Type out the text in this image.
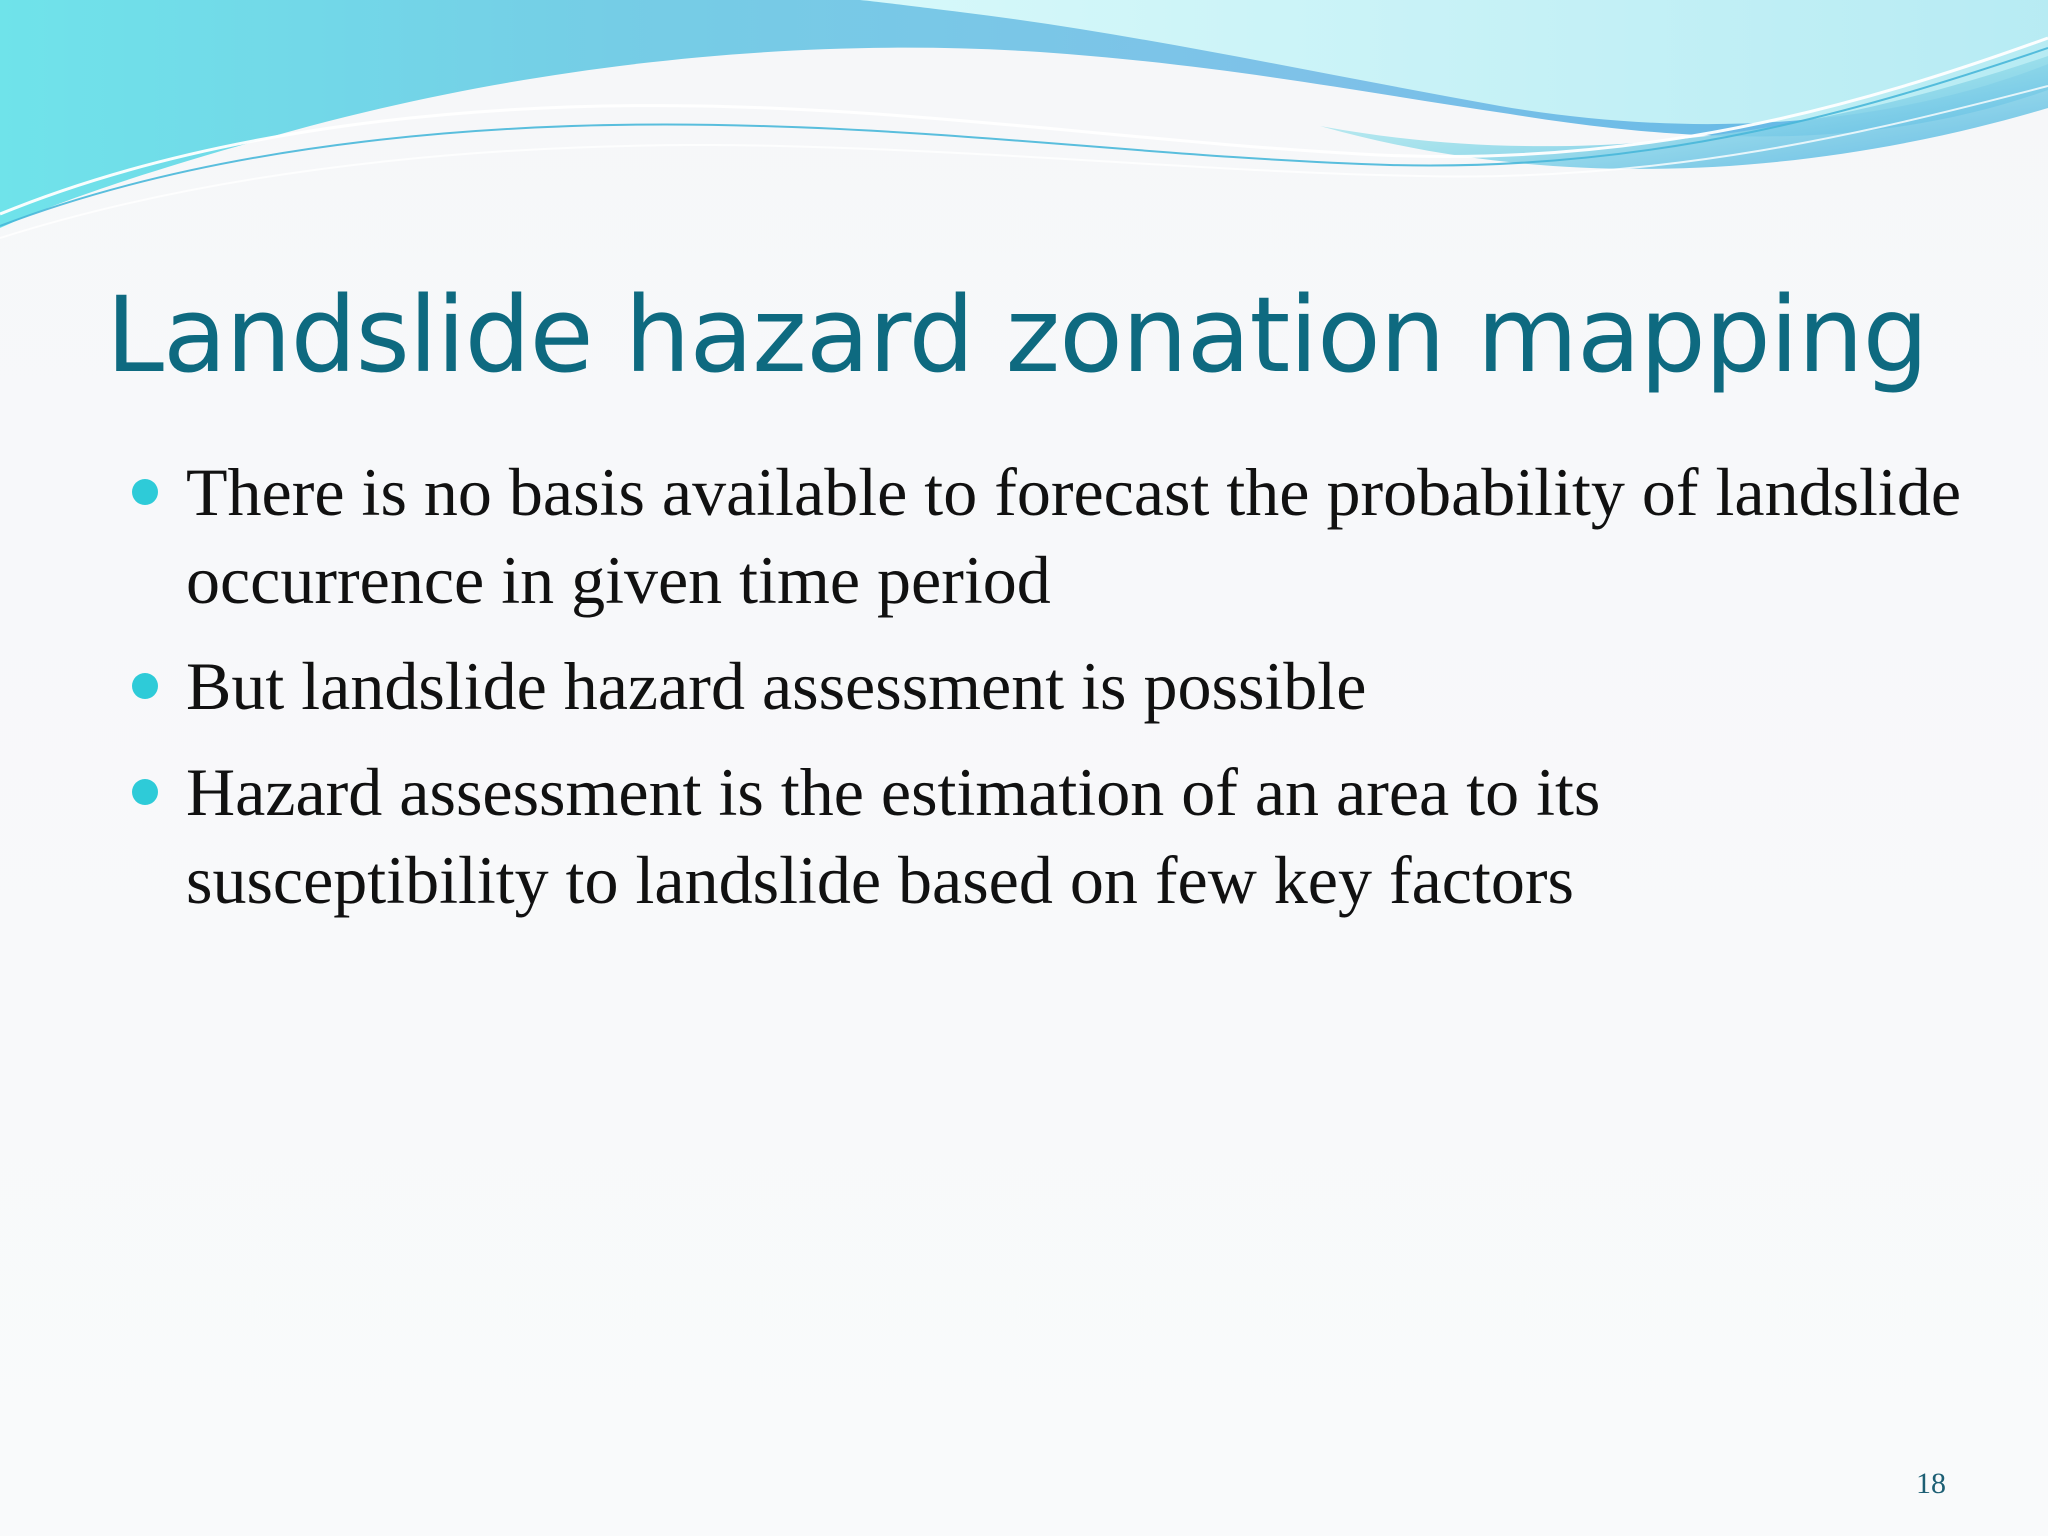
Landslide hazard zonation mapping
There is no basis available to forecast the probability of landslide occurrence in given time period
But landslide hazard assessment is possible
Hazard assessment is the estimation of an area to its susceptibility to landslide based on few key factors
18
